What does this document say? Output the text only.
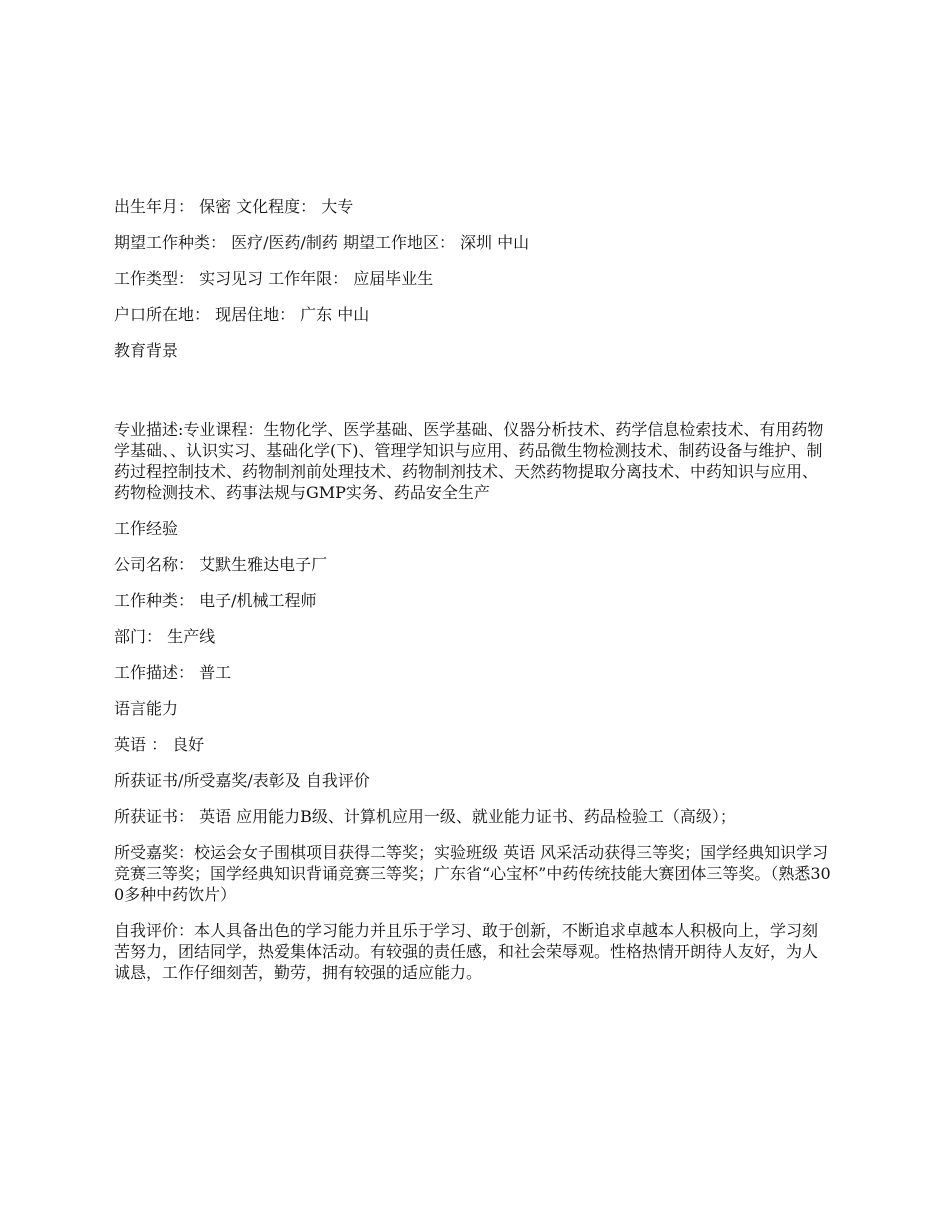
出生年月： 保密 文化程度： 大专

期望工作种类： 医疗/医药/制药 期望工作地区： 深圳 中山

工作类型： 实习见习 工作年限： 应届毕业生

户口所在地： 现居住地： 广东 中山

教育背景

专业描述:专业课程：生物化学、医学基础、医学基础、仪器分析技术、药学信息检索技术、有用药物学基础、、认识实习、基础化学(下)、管理学知识与应用、药品微生物检测技术、制药设备与维护、制药过程控制技术、药物制剂前处理技术、药物制剂技术、天然药物提取分离技术、中药知识与应用、药物检测技术、药事法规与GMP实务、药品安全生产

工作经验

公司名称： 艾默生雅达电子厂

工作种类： 电子/机械工程师

部门： 生产线

工作描述： 普工

语言能力

英语 ： 良好

所获证书/所受嘉奖/表彰及 自我评价

所获证书： 英语 应用能力B级、计算机应用一级、就业能力证书、药品检验工（高级）；

所受嘉奖：校运会女子围棋项目获得二等奖；实验班级 英语 风采活动获得三等奖；国学经典知识学习竞赛三等奖；国学经典知识背诵竞赛三等奖；广东省“心宝杯”中药传统技能大赛团体三等奖。（熟悉300多种中药饮片）

自我评价：本人具备出色的学习能力并且乐于学习、敢于创新，不断追求卓越本人积极向上，学习刻苦努力，团结同学，热爱集体活动。有较强的责任感，和社会荣辱观。性格热情开朗待人友好，为人诚恳，工作仔细刻苦，勤劳，拥有较强的适应能力。
